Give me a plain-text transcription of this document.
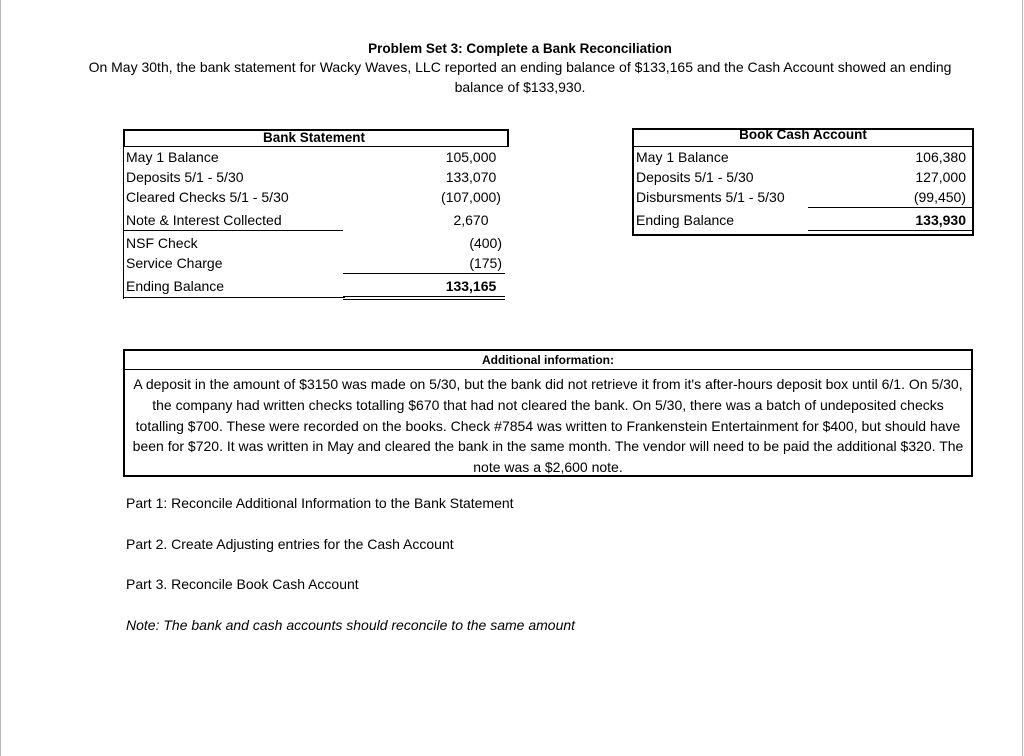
Problem Set 3: Complete a Bank Reconciliation
On May 30th, the bank statement for Wacky Waves, LLC reported an ending balance of $133,165 and the Cash Account showed an ending balance of $133,930.
Bank Statement
May 1 Balance	105,000
Deposits 5/1 - 5/30	133,070
Cleared Checks 5/1 - 5/30	(107,000)
Note & Interest Collected	2,670
NSF Check	(400)
Service Charge	(175)
Ending Balance	133,165
Book Cash Account
May 1 Balance	106,380
Deposits 5/1 - 5/30	127,000
Disbursments 5/1 - 5/30	(99,450)
Ending Balance	133,930
Additional information:
A deposit in the amount of $3150 was made on 5/30, but the bank did not retrieve it from it's after-hours deposit box until 6/1. On 5/30, the company had written checks totalling $670 that had not cleared the bank. On 5/30, there was a batch of undeposited checks totalling $700. These were recorded on the books. Check #7854 was written to Frankenstein Entertainment for $400, but should have been for $720. It was written in May and cleared the bank in the same month. The vendor will need to be paid the additional $320. The note was a $2,600 note.
Part 1: Reconcile Additional Information to the Bank Statement
Part 2. Create Adjusting entries for the Cash Account
Part 3. Reconcile Book Cash Account
Note: The bank and cash accounts should reconcile to the same amount
